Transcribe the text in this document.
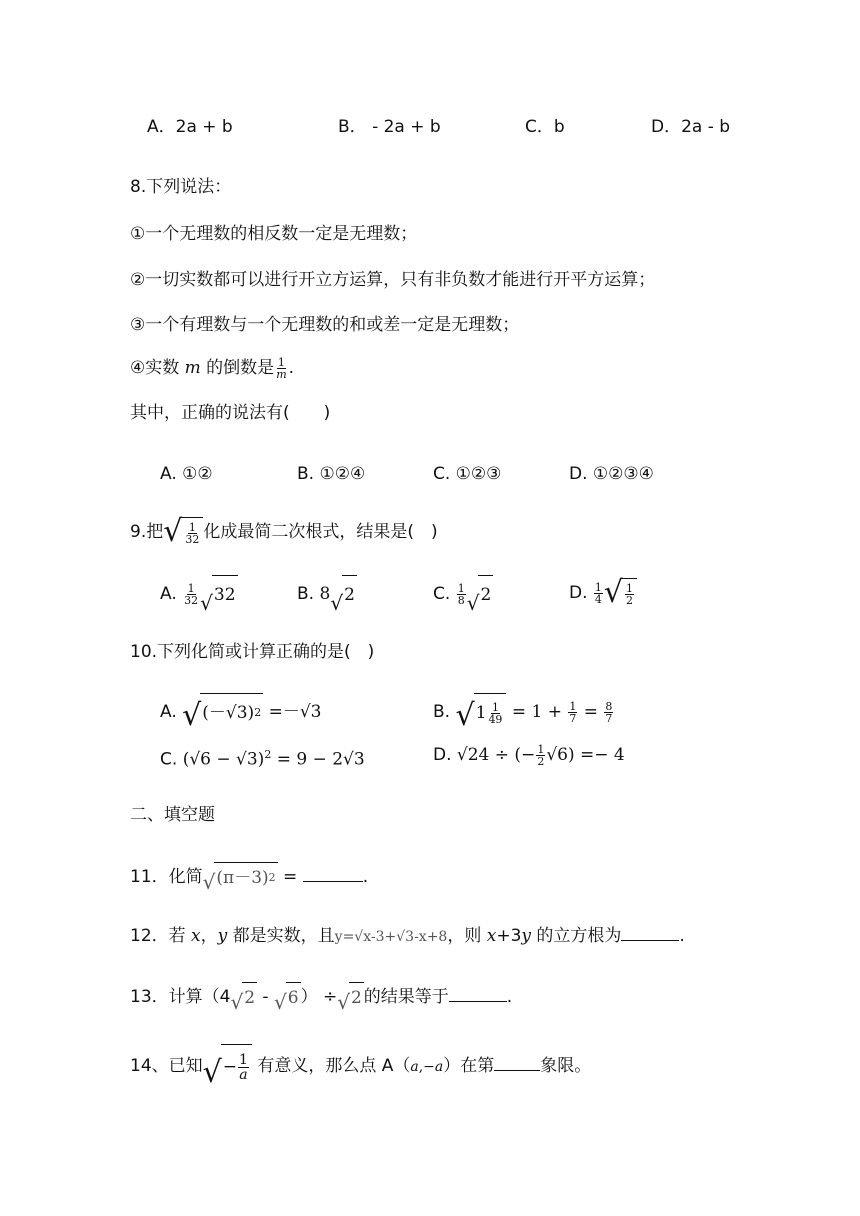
A．2a + b	B． - 2a + b	C．b	D．2a - b
8.下列说法：
①一个无理数的相反数一定是无理数；
②一切实数都可以进行开立方运算，只有非负数才能进行开平方运算；
③一个有理数与一个无理数的和或差一定是无理数；
④实数 m 的倒数是 $\frac{1}{m}$ .
其中，正确的说法有(　　)
A. ①②	B. ①②④	C. ①②③	D. ①②③④
9.把 √ $\frac{1}{32}$ 化成最简二次根式，结果是(　)
A. $\frac{1}{32}$ √ 32	B. 8 √ 2	C. $\frac{1}{8}$ √ 2	D. $\frac{1}{4}$ √ $\frac{1}{2}$
10.下列化简或计算正确的是(　)
A. √ (－√3) 2 =－√3	B. √ $1 \frac{1}{49} = 1 + \frac{1}{7} = \frac{8}{7}$
C. $(√6 - √3)^2 = 9 - 2√3$	D. √24 ÷ (− $\frac{1}{2} √6) =- 4$
二、填空题
11．化简 √ (π－3) 2 =	.
12．若 x，y 都是实数，且y=√x-3+√3-x+8，则 x+3y 的立方根为	.
13．计算（4 √ 2 - √ 6 ） ÷ √ 2 的结果等于	.
14、已知 √ − $\frac{1}{a}$ 有意义，那么点 A（a,−a）在第	象限。
